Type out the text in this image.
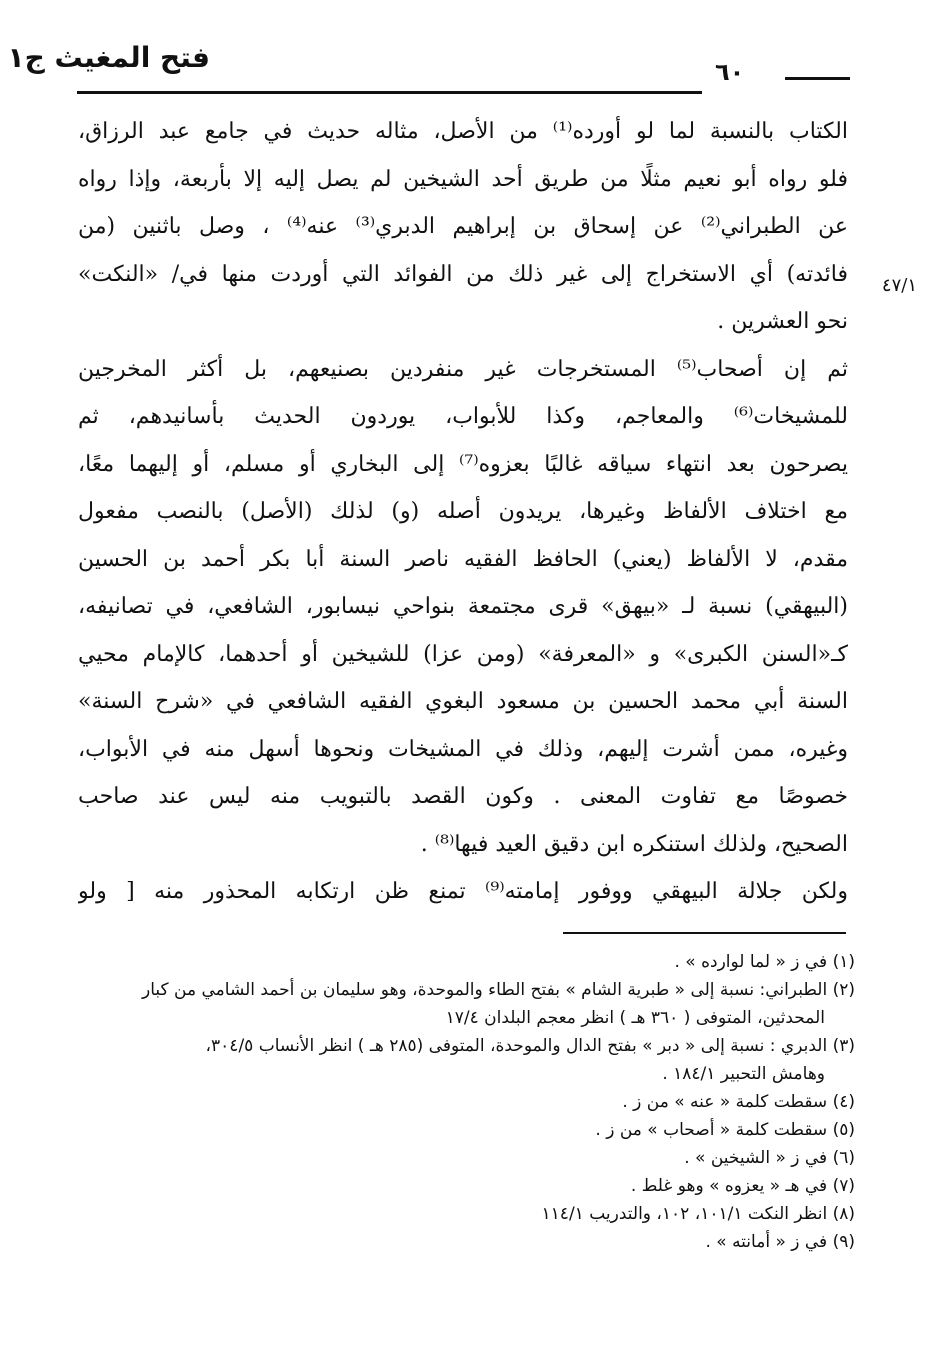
فتح المغيث ج١	٦٠
٤٧/١
الكتاب بالنسبة لما لو أورده⁽¹⁾ من الأصل، مثاله حديث في جامع عبد الرزاق،
فلو رواه أبو نعيم مثلًا من طريق أحد الشيخين لم يصل إليه إلا بأربعة، وإذا رواه
عن الطبراني⁽²⁾ عن إسحاق بن إبراهيم الدبري⁽³⁾ عنه⁽⁴⁾ ، وصل باثنين (من
فائدته) أي الاستخراج إلى غير ذلك من الفوائد التي أوردت منها في/ «النكت»
نحو العشرين .
ثم إن أصحاب⁽⁵⁾ المستخرجات غير منفردين بصنيعهم، بل أكثر المخرجين
للمشيخات⁽⁶⁾ والمعاجم، وكذا للأبواب، يوردون الحديث بأسانيدهم، ثم
يصرحون بعد انتهاء سياقه غالبًا بعزوه⁽⁷⁾ إلى البخاري أو مسلم، أو إليهما معًا،
مع اختلاف الألفاظ وغيرها، يريدون أصله (و) لذلك (الأصل) بالنصب مفعول
مقدم، لا الألفاظ (يعني) الحافظ الفقيه ناصر السنة أبا بكر أحمد بن الحسين
(البيهقي) نسبة لـ «بيهق» قرى مجتمعة بنواحي نيسابور، الشافعي، في تصانيفه،
كـ«السنن الكبرى» و «المعرفة» (ومن عزا) للشيخين أو أحدهما، كالإمام محيي
السنة أبي محمد الحسين بن مسعود البغوي الفقيه الشافعي في «شرح السنة»
وغيره، ممن أشرت إليهم، وذلك في المشيخات ونحوها أسهل منه في الأبواب،
خصوصًا مع تفاوت المعنى . وكون القصد بالتبويب منه ليس عند صاحب
الصحيح، ولذلك استنكره ابن دقيق العيد فيها⁽⁸⁾ .
ولكن جلالة البيهقي ووفور إمامته⁽⁹⁾ تمنع ظن ارتكابه المحذور منه [ ولو
(١) في ز « لما لوارده » .
(٢) الطبراني: نسبة إلى « طبرية الشام » بفتح الطاء والموحدة، وهو سليمان بن أحمد الشامي من كبار
المحدثين، المتوفى ( ٣٦٠ هـ ) انظر معجم البلدان ١٧/٤
(٣) الدبري : نسبة إلى « دبر » بفتح الدال والموحدة، المتوفى (٢٨٥ هـ ) انظر الأنساب ٣٠٤/٥،
وهامش التحبير ١٨٤/١ .
(٤) سقطت كلمة « عنه » من ز .
(٥) سقطت كلمة « أصحاب » من ز .
(٦) في ز « الشيخين » .
(٧) في هـ « يعزوه » وهو غلط .
(٨) انظر النكت ١٠١/١، ١٠٢، والتدريب ١١٤/١
(٩) في ز « أمانته » .
